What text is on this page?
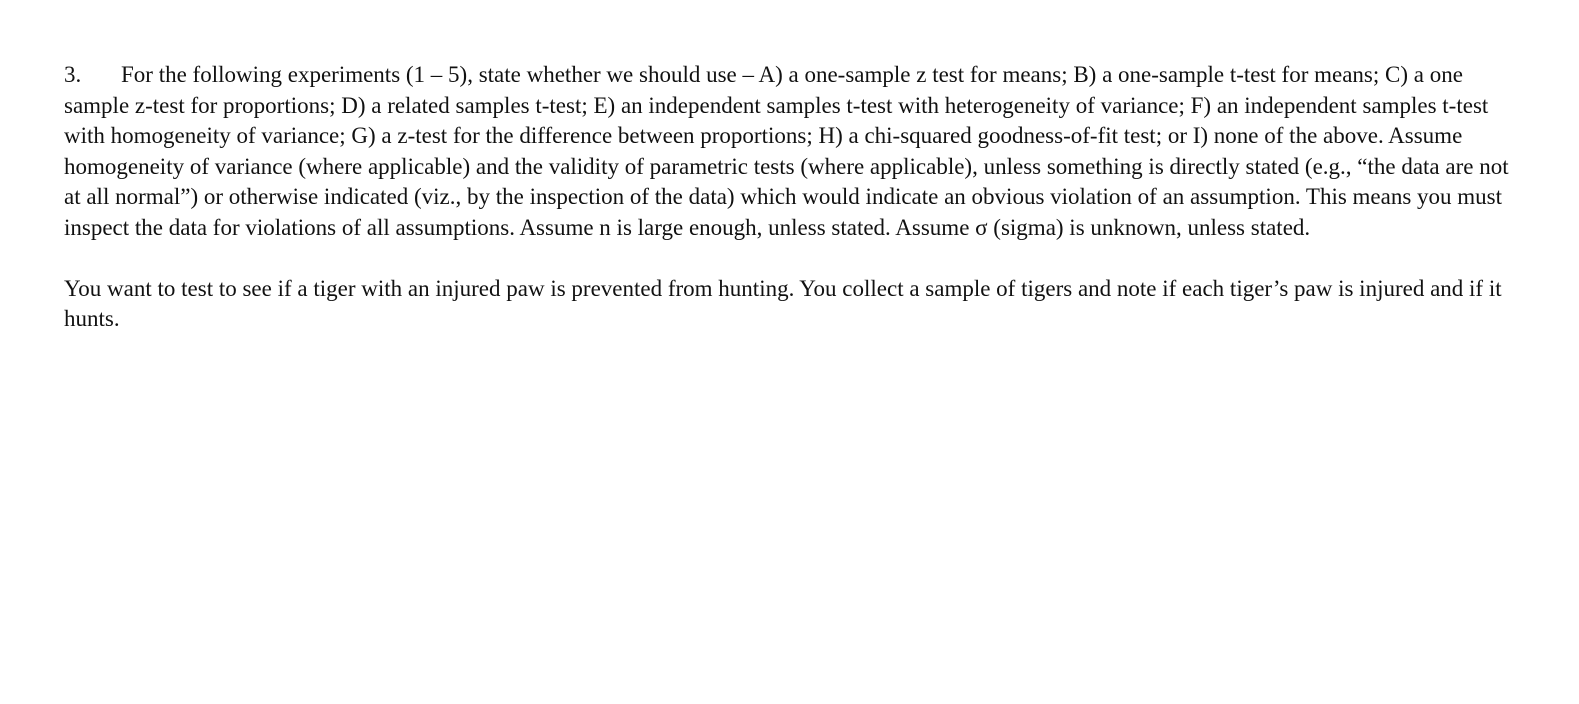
3. For the following experiments (1 – 5), state whether we should use – A) a one-sample z test for means; B) a one-sample t-test for means; C) a one sample z-test for proportions; D) a related samples t-test; E) an independent samples t-test with heterogeneity of variance; F) an independent samples t-test with homogeneity of variance; G) a z-test for the difference between proportions; H) a chi-squared goodness-of-fit test; or I) none of the above. Assume homogeneity of variance (where applicable) and the validity of parametric tests (where applicable), unless something is directly stated (e.g., “the data are not at all normal”) or otherwise indicated (viz., by the inspection of the data) which would indicate an obvious violation of an assumption. This means you must inspect the data for violations of all assumptions. Assume n is large enough, unless stated. Assume σ (sigma) is unknown, unless stated.

You want to test to see if a tiger with an injured paw is prevented from hunting. You collect a sample of tigers and note if each tiger’s paw is injured and if it hunts.
